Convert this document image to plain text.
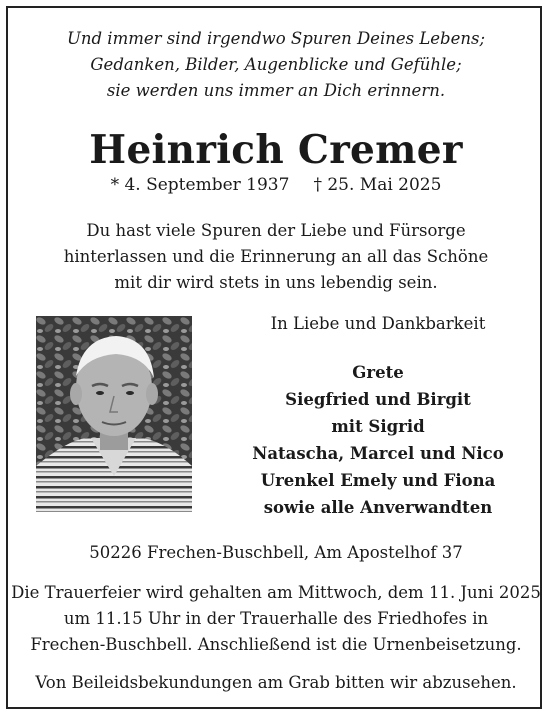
Und immer sind irgendwo Spuren Deines Lebens;
Gedanken, Bilder, Augenblicke und Gefühle;
sie werden uns immer an Dich erinnern.
Heinrich Cremer
* 4. September 1937 † 25. Mai 2025
Du hast viele Spuren der Liebe und Fürsorge
hinterlassen und die Erinnerung an all das Schöne
mit dir wird stets in uns lebendig sein.
In Liebe und Dankbarkeit
Grete
Siegfried und Birgit
mit Sigrid
Natascha, Marcel und Nico
Urenkel Emely und Fiona
sowie alle Anverwandten
50226 Frechen-Buschbell, Am Apostelhof 37
Die Trauerfeier wird gehalten am Mittwoch, dem 11. Juni 2025
um 11.15 Uhr in der Trauerhalle des Friedhofes in
Frechen-Buschbell. Anschließend ist die Urnenbeisetzung.
Von Beileidsbekundungen am Grab bitten wir abzusehen.
